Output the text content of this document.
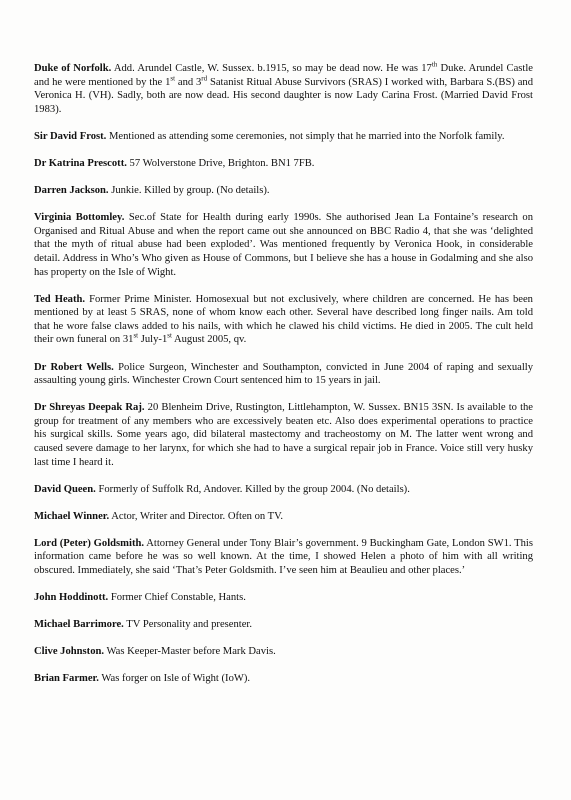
Duke of Norfolk. Add. Arundel Castle, W. Sussex. b.1915, so may be dead now. He was 17th Duke. Arundel Castle and he were mentioned by the 1st and 3rd Satanist Ritual Abuse Survivors (SRAS) I worked with, Barbara S.(BS) and Veronica H. (VH). Sadly, both are now dead. His second daughter is now Lady Carina Frost. (Married David Frost 1983).

Sir David Frost. Mentioned as attending some ceremonies, not simply that he married into the Norfolk family.

Dr Katrina Prescott. 57 Wolverstone Drive, Brighton. BN1 7FB.

Darren Jackson. Junkie. Killed by group. (No details).

Virginia Bottomley. Sec.of State for Health during early 1990s. She authorised Jean La Fontaine’s research on Organised and Ritual Abuse and when the report came out she announced on BBC Radio 4, that she was ‘delighted that the myth of ritual abuse had been exploded’. Was mentioned frequently by Veronica Hook, in considerable detail. Address in Who’s Who given as House of Commons, but I believe she has a house in Godalming and she also has property on the Isle of Wight.

Ted Heath. Former Prime Minister. Homosexual but not exclusively, where children are concerned. He has been mentioned by at least 5 SRAS, none of whom know each other. Several have described long finger nails. Am told that he wore false claws added to his nails, with which he clawed his child victims. He died in 2005. The cult held their own funeral on 31st July-1st August 2005, qv.

Dr Robert Wells. Police Surgeon, Winchester and Southampton, convicted in June 2004 of raping and sexually assaulting young girls. Winchester Crown Court sentenced him to 15 years in jail.

Dr Shreyas Deepak Raj. 20 Blenheim Drive, Rustington, Littlehampton, W. Sussex. BN15 3SN. Is available to the group for treatment of any members who are excessively beaten etc. Also does experimental operations to practice his surgical skills. Some years ago, did bilateral mastectomy and tracheostomy on M. The latter went wrong and caused severe damage to her larynx, for which she had to have a surgical repair job in France. Voice still very husky last time I heard it.

David Queen. Formerly of Suffolk Rd, Andover. Killed by the group 2004. (No details).

Michael Winner. Actor, Writer and Director. Often on TV.

Lord (Peter) Goldsmith. Attorney General under Tony Blair’s government. 9 Buckingham Gate, London SW1. This information came before he was so well known. At the time, I showed Helen a photo of him with all writing obscured. Immediately, she said ‘That’s Peter Goldsmith. I’ve seen him at Beaulieu and other places.’

John Hoddinott. Former Chief Constable, Hants.

Michael Barrimore. TV Personality and presenter.

Clive Johnston. Was Keeper-Master before Mark Davis.

Brian Farmer. Was forger on Isle of Wight (IoW).
